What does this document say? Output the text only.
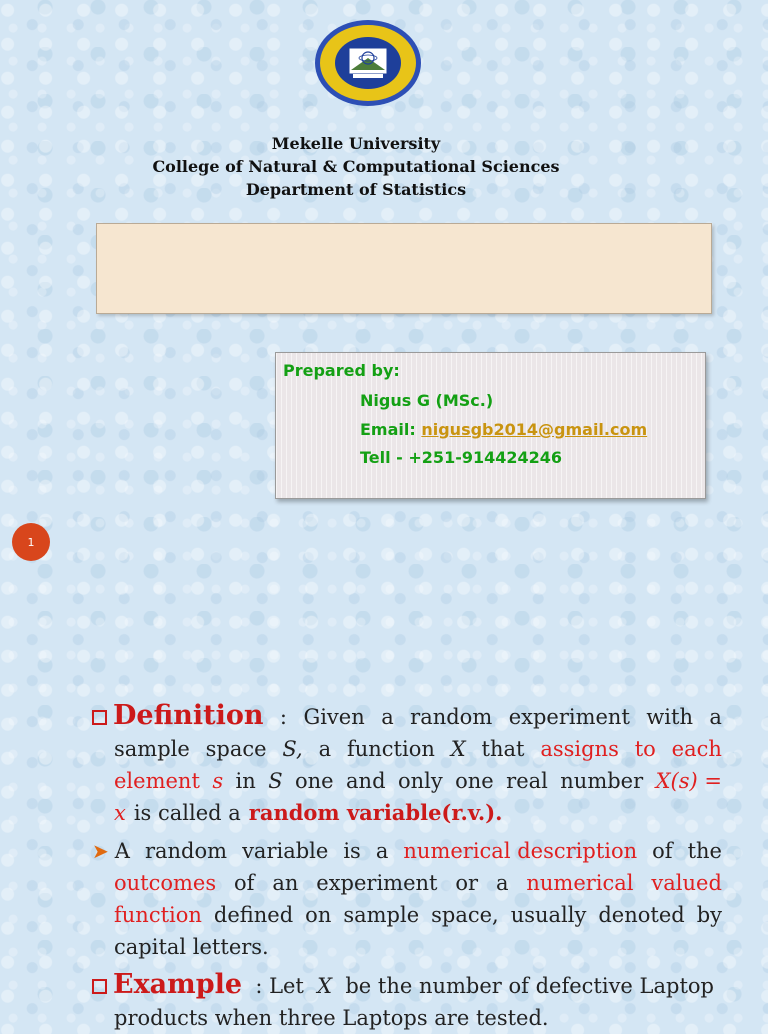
Mekelle University
College of Natural & Computational Sciences
Department of Statistics
Prepared by:
Nigus G (MSc.)
Email: nigusgb2014@gmail.com
Tell - +251-914424246
1
Definition : Given a random experiment with a
sample space S, a function X that assigns to each
element s in S one and only one real number X(s) =
x is called a random variable(r.v.).
➤ A random variable is a numerical description of the
outcomes of an experiment or a numerical valued
function defined on sample space, usually denoted by
capital letters.
Example : Let X be the number of defective Laptop
products when three Laptops are tested.
